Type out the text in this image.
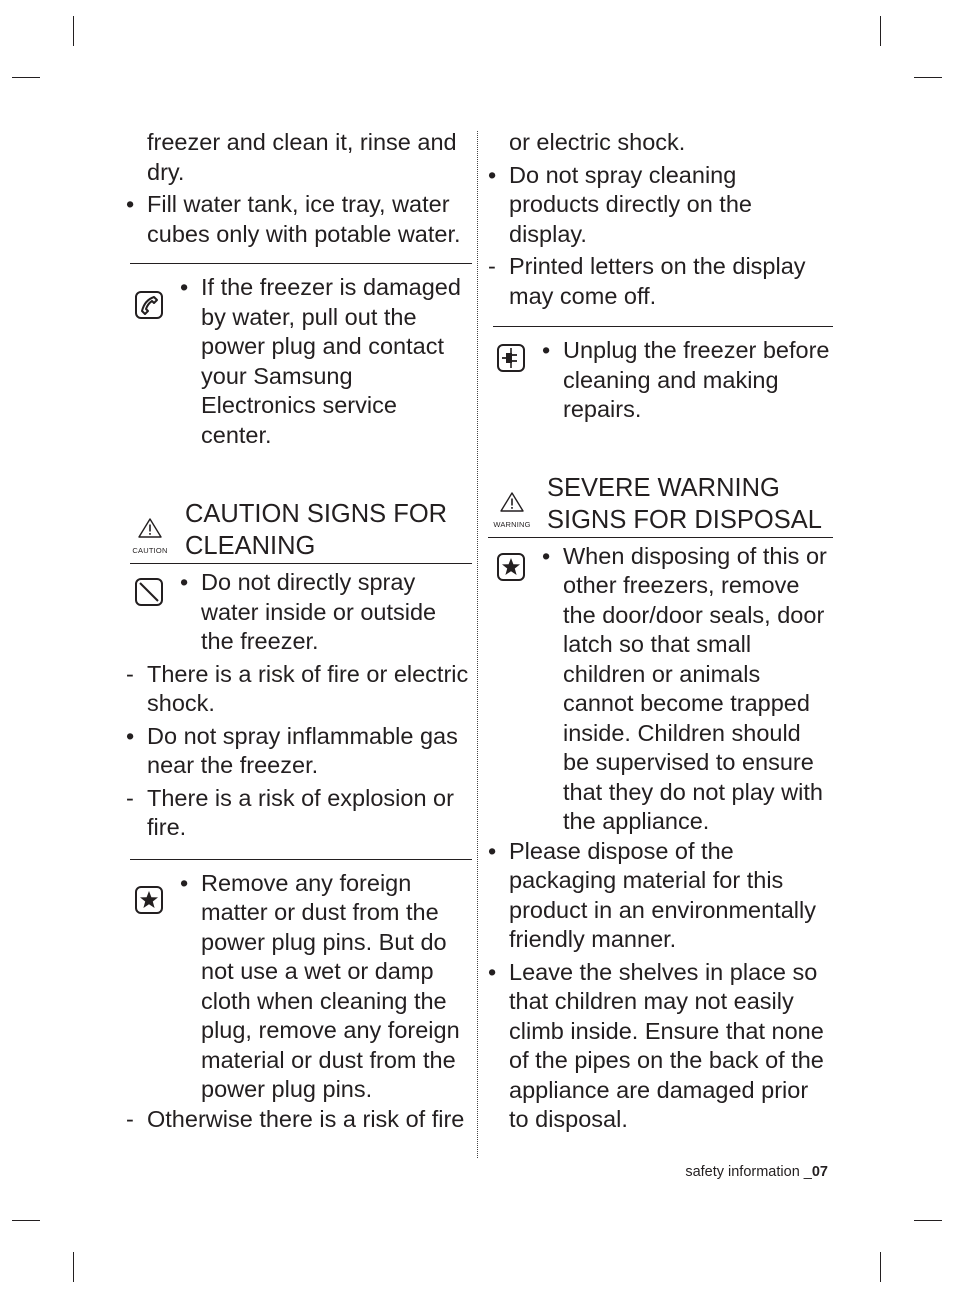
freezer and clean it, rinse and
dry.
• Fill water tank, ice tray, water
cubes only with potable water.
• If the freezer is damaged
by water, pull out the
power plug and contact
your Samsung
Electronics service
center.
CAUTION
CAUTION SIGNS FOR
CLEANING
• Do not directly spray
water inside or outside
the freezer.
- There is a risk of fire or electric
shock.
• Do not spray inflammable gas
near the freezer.
- There is a risk of explosion or
fire.
• Remove any foreign
matter or dust from the
power plug pins. But do
not use a wet or damp
cloth when cleaning the
plug, remove any foreign
material or dust from the
power plug pins.
- Otherwise there is a risk of fire
or electric shock.
• Do not spray cleaning
products directly on the
display.
- Printed letters on the display
may come off.
• Unplug the freezer before
cleaning and making
repairs.
WARNING
SEVERE WARNING
SIGNS FOR DISPOSAL
• When disposing of this or
other freezers, remove
the door/door seals, door
latch so that small
children or animals
cannot become trapped
inside. Children should
be supervised to ensure
that they do not play with
the appliance.
• Please dispose of the
packaging material for this
product in an environmentally
friendly manner.
• Leave the shelves in place so
that children may not easily
climb inside. Ensure that none
of the pipes on the back of the
appliance are damaged prior
to disposal.
safety information _07
